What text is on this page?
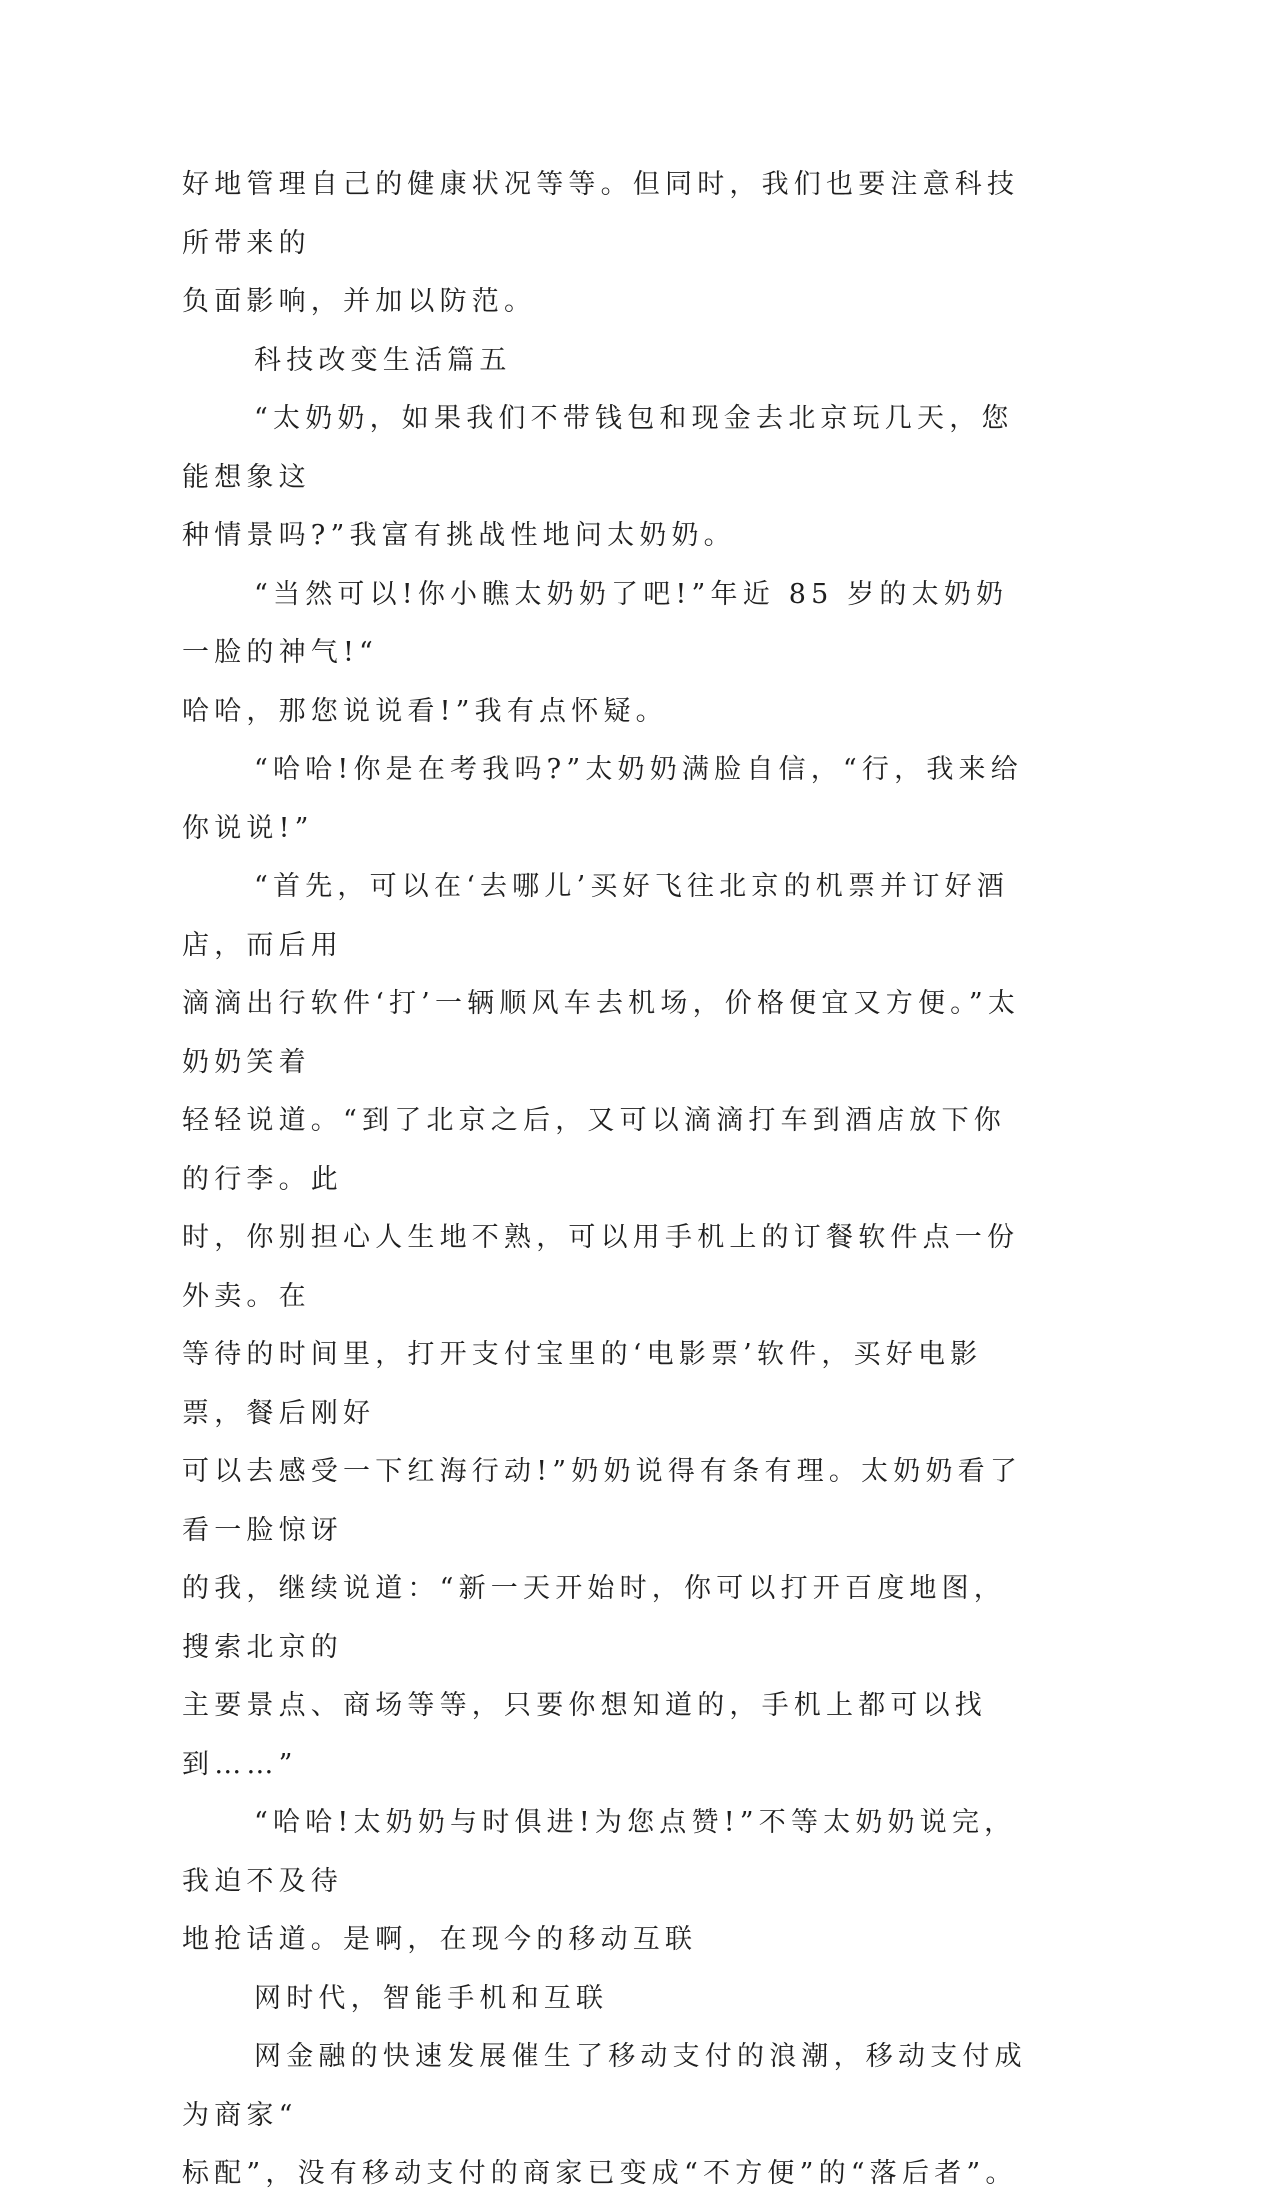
好地管理自己的健康状况等等。但同时，我们也要注意科技所带来的
负面影响，并加以防范。

科技改变生活篇五

“太奶奶，如果我们不带钱包和现金去北京玩几天，您能想象这
种情景吗?”我富有挑战性地问太奶奶。

“当然可以!你小瞧太奶奶了吧!”年近 85 岁的太奶奶一脸的神气!“
哈哈，那您说说看!”我有点怀疑。

“哈哈!你是在考我吗?”太奶奶满脸自信，“行，我来给你说说!”

“首先，可以在‘去哪儿’买好飞往北京的机票并订好酒店，而后用
滴滴出行软件‘打’一辆顺风车去机场，价格便宜又方便。”太奶奶笑着
轻轻说道。“到了北京之后，又可以滴滴打车到酒店放下你的行李。此
时，你别担心人生地不熟，可以用手机上的订餐软件点一份外卖。在
等待的时间里，打开支付宝里的‘电影票’软件，买好电影票，餐后刚好
可以去感受一下红海行动!”奶奶说得有条有理。太奶奶看了看一脸惊讶
的我，继续说道：“新一天开始时，你可以打开百度地图，搜索北京的
主要景点、商场等等，只要你想知道的，手机上都可以找到……”

“哈哈!太奶奶与时俱进!为您点赞!”不等太奶奶说完，我迫不及待
地抢话道。是啊，在现今的移动互联

网时代，智能手机和互联

网金融的快速发展催生了移动支付的浪潮，移动支付成为商家“
标配”，没有移动支付的商家已变成“不方便”的“落后者”。
